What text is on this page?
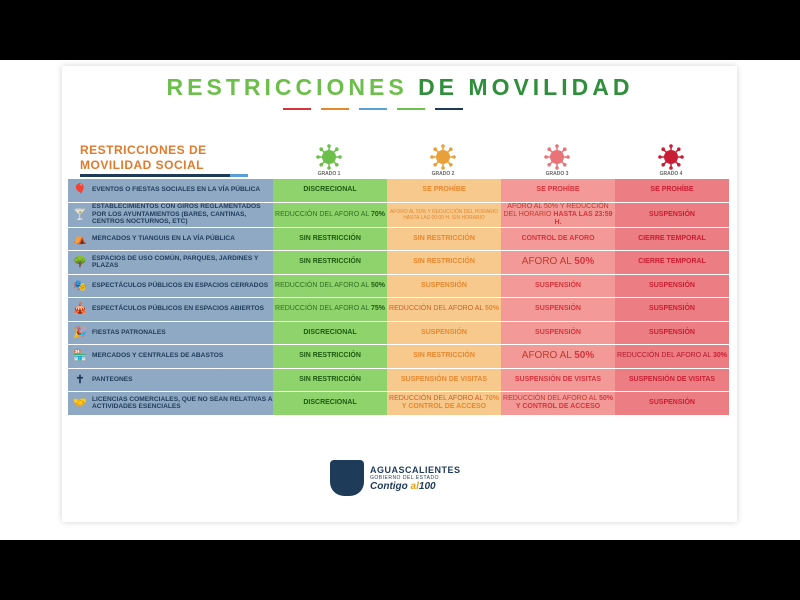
RESTRICCIONES DE MOVILIDAD
RESTRICCIONES DE
MOVILIDAD SOCIAL
GRADO 1	GRADO 2	GRADO 3	GRADO 4
🎈 EVENTOS O FIESTAS SOCIALES EN LA VÍA PÚBLICA	DISCRECIONAL	SE PROHÍBE	SE PROHÍBE	SE PROHÍBE

🍸
ESTABLECIMIENTOS CON GIROS REGLAMENTADOS POR LOS AYUNTAMIENTOS (BARES, CANTINAS, CENTROS NOCTURNOS, ETC)	REDUCCIÓN DEL AFORO AL 70%	AFORO AL 50% Y REDUCCIÓN DEL HORARIO HASTA LAS 00:00 H. SIN HORARIO	AFORO AL 50% Y REDUCCIÓN DEL HORARIO HASTA LAS 23:59 H.	SUSPENSIÓN

⛺ MERCADOS Y TIANGUIS EN LA VÍA PÚBLICA	SIN RESTRICCIÓN	SIN RESTRICCIÓN	CONTROL DE AFORO	CIERRE TEMPORAL

🌳 ESPACIOS DE USO COMÚN, PARQUES, JARDINES Y PLAZAS	SIN RESTRICCIÓN	SIN RESTRICCIÓN	AFORO AL 50%	CIERRE TEMPORAL

🎭 ESPECTÁCULOS PÚBLICOS EN ESPACIOS CERRADOS	REDUCCIÓN DEL AFORO AL 50%	SUSPENSIÓN	SUSPENSIÓN	SUSPENSIÓN

🎪 ESPECTÁCULOS PÚBLICOS EN ESPACIOS ABIERTOS	REDUCCIÓN DEL AFORO AL 75%	REDUCCIÓN DEL AFORO AL 50%	SUSPENSIÓN	SUSPENSIÓN

🎉 FIESTAS PATRONALES	DISCRECIONAL	SUSPENSIÓN	SUSPENSIÓN	SUSPENSIÓN

🏪 MERCADOS Y CENTRALES DE ABASTOS	SIN RESTRICCIÓN	SIN RESTRICCIÓN	AFORO AL 50%	REDUCCIÓN DEL AFORO AL 30%

✝ PANTEONES	SIN RESTRICCIÓN	SUSPENSIÓN DE VISITAS	SUSPENSIÓN DE VISITAS	SUSPENSIÓN DE VISITAS

🤝 LICENCIAS COMERCIALES, QUE NO SEAN RELATIVAS A ACTIVIDADES ESENCIALES	DISCRECIONAL	REDUCCIÓN DEL AFORO AL 70% Y CONTROL DE ACCESO	REDUCCIÓN DEL AFORO AL 50% Y CONTROL DE ACCESO	SUSPENSIÓN
AGUASCALIENTES
GOBIERNO DEL ESTADO
Contigo al100
